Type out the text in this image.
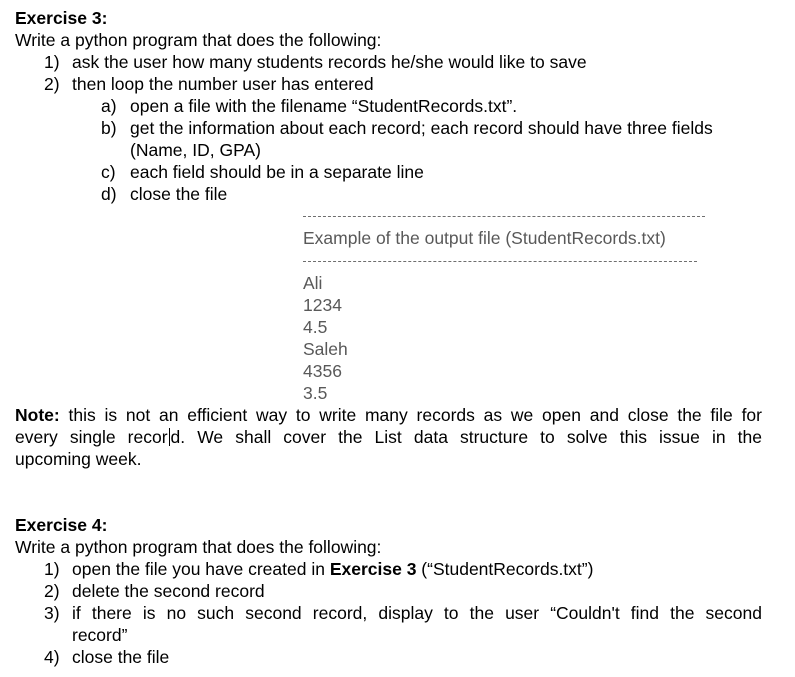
Exercise 3:
Write a python program that does the following:
1) ask the user how many students records he/she would like to save
2) then loop the number user has entered
a) open a file with the filename “StudentRecords.txt”.
b) get the information about each record; each record should have three fields
(Name, ID, GPA)
c) each field should be in a separate line
d) close the file
Example of the output file (StudentRecords.txt)
Ali
1234
4.5
Saleh
4356
3.5
Note: this is not an efficient way to write many records as we open and close the file for
every single recor d. We shall cover the List data structure to solve this issue in the
upcoming week.
Exercise 4:
Write a python program that does the following:
1) open the file you have created in Exercise 3 (“StudentRecords.txt”)
2) delete the second record
3) if there is no such second record, display to the user “Couldn't find the second
record”
4) close the file
